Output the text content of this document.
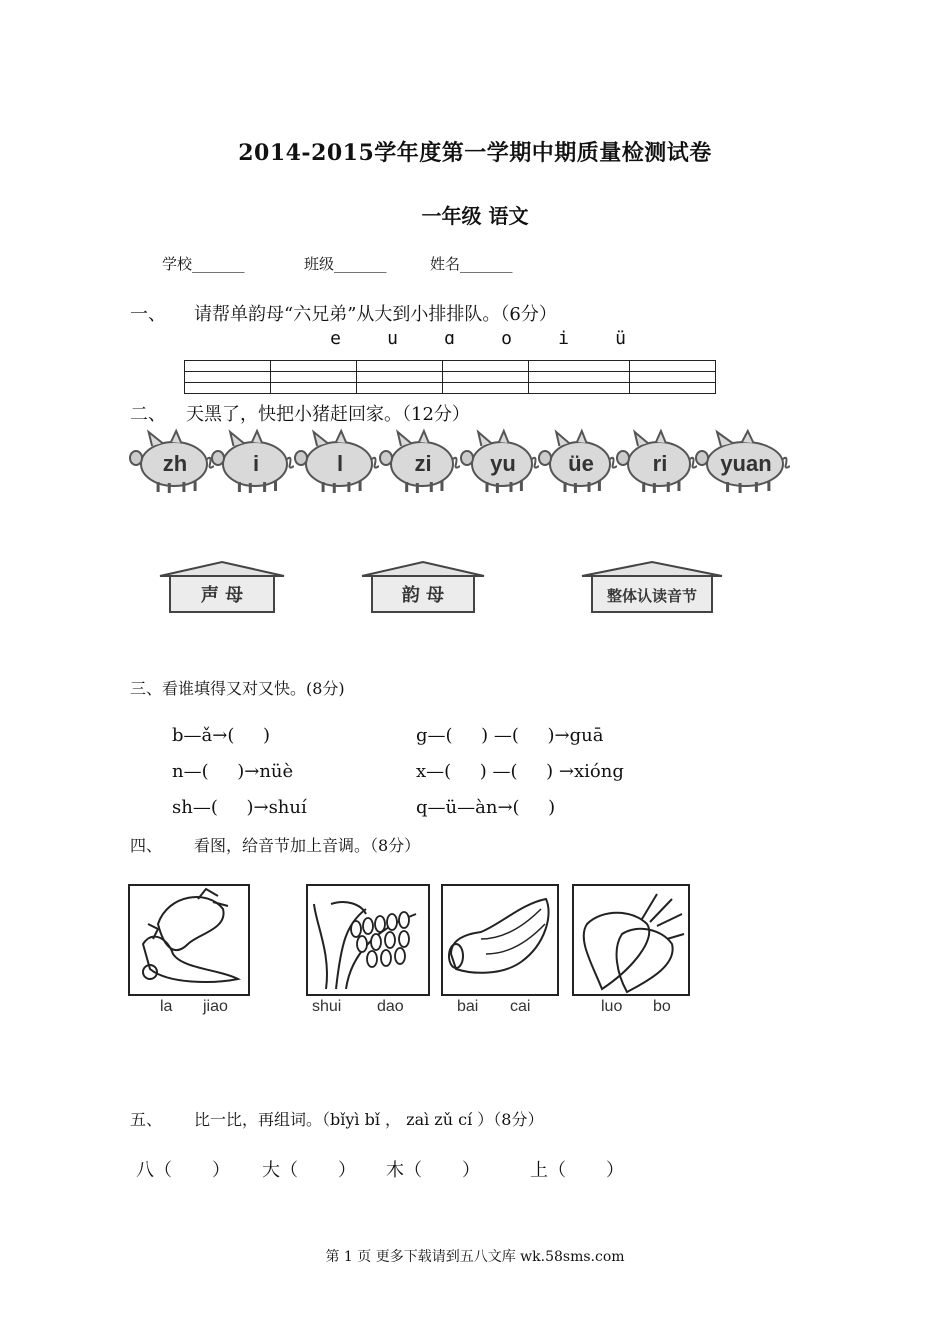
2014-2015学年度第一学期中期质量检测试卷
一年级 语文
学校_______	班级_______	姓名_______
一、 请帮单韵母“六兄弟”从大到小排排队。（6分）
e	u	ɑ	o	i	ü

二、 天黑了，快把小猪赶回家。（12分）
zh	i	l	zi	yu üe	ri yuan
声 母	韵 母	整体认读音节
三、看谁填得又对又快。(8分)
b—ǎ→(     )	g—(     ) —(     )→guā
n—(     )→nüè	x—(     ) —(     ) →xióng
sh—(     )→shuí	q—ü—àn→(     )
四、 看图，给音节加上音调。（8分）
la jiao	shui dao	bai cai	luo bo
五、 比一比，再组词。（bǐyì bǐ ， zaì zǔ cí ）（8分）
八（       ） 大（       ） 木（       ）	上（       ）
第 1 页 更多下载请到五八文库 wk.58sms.com
